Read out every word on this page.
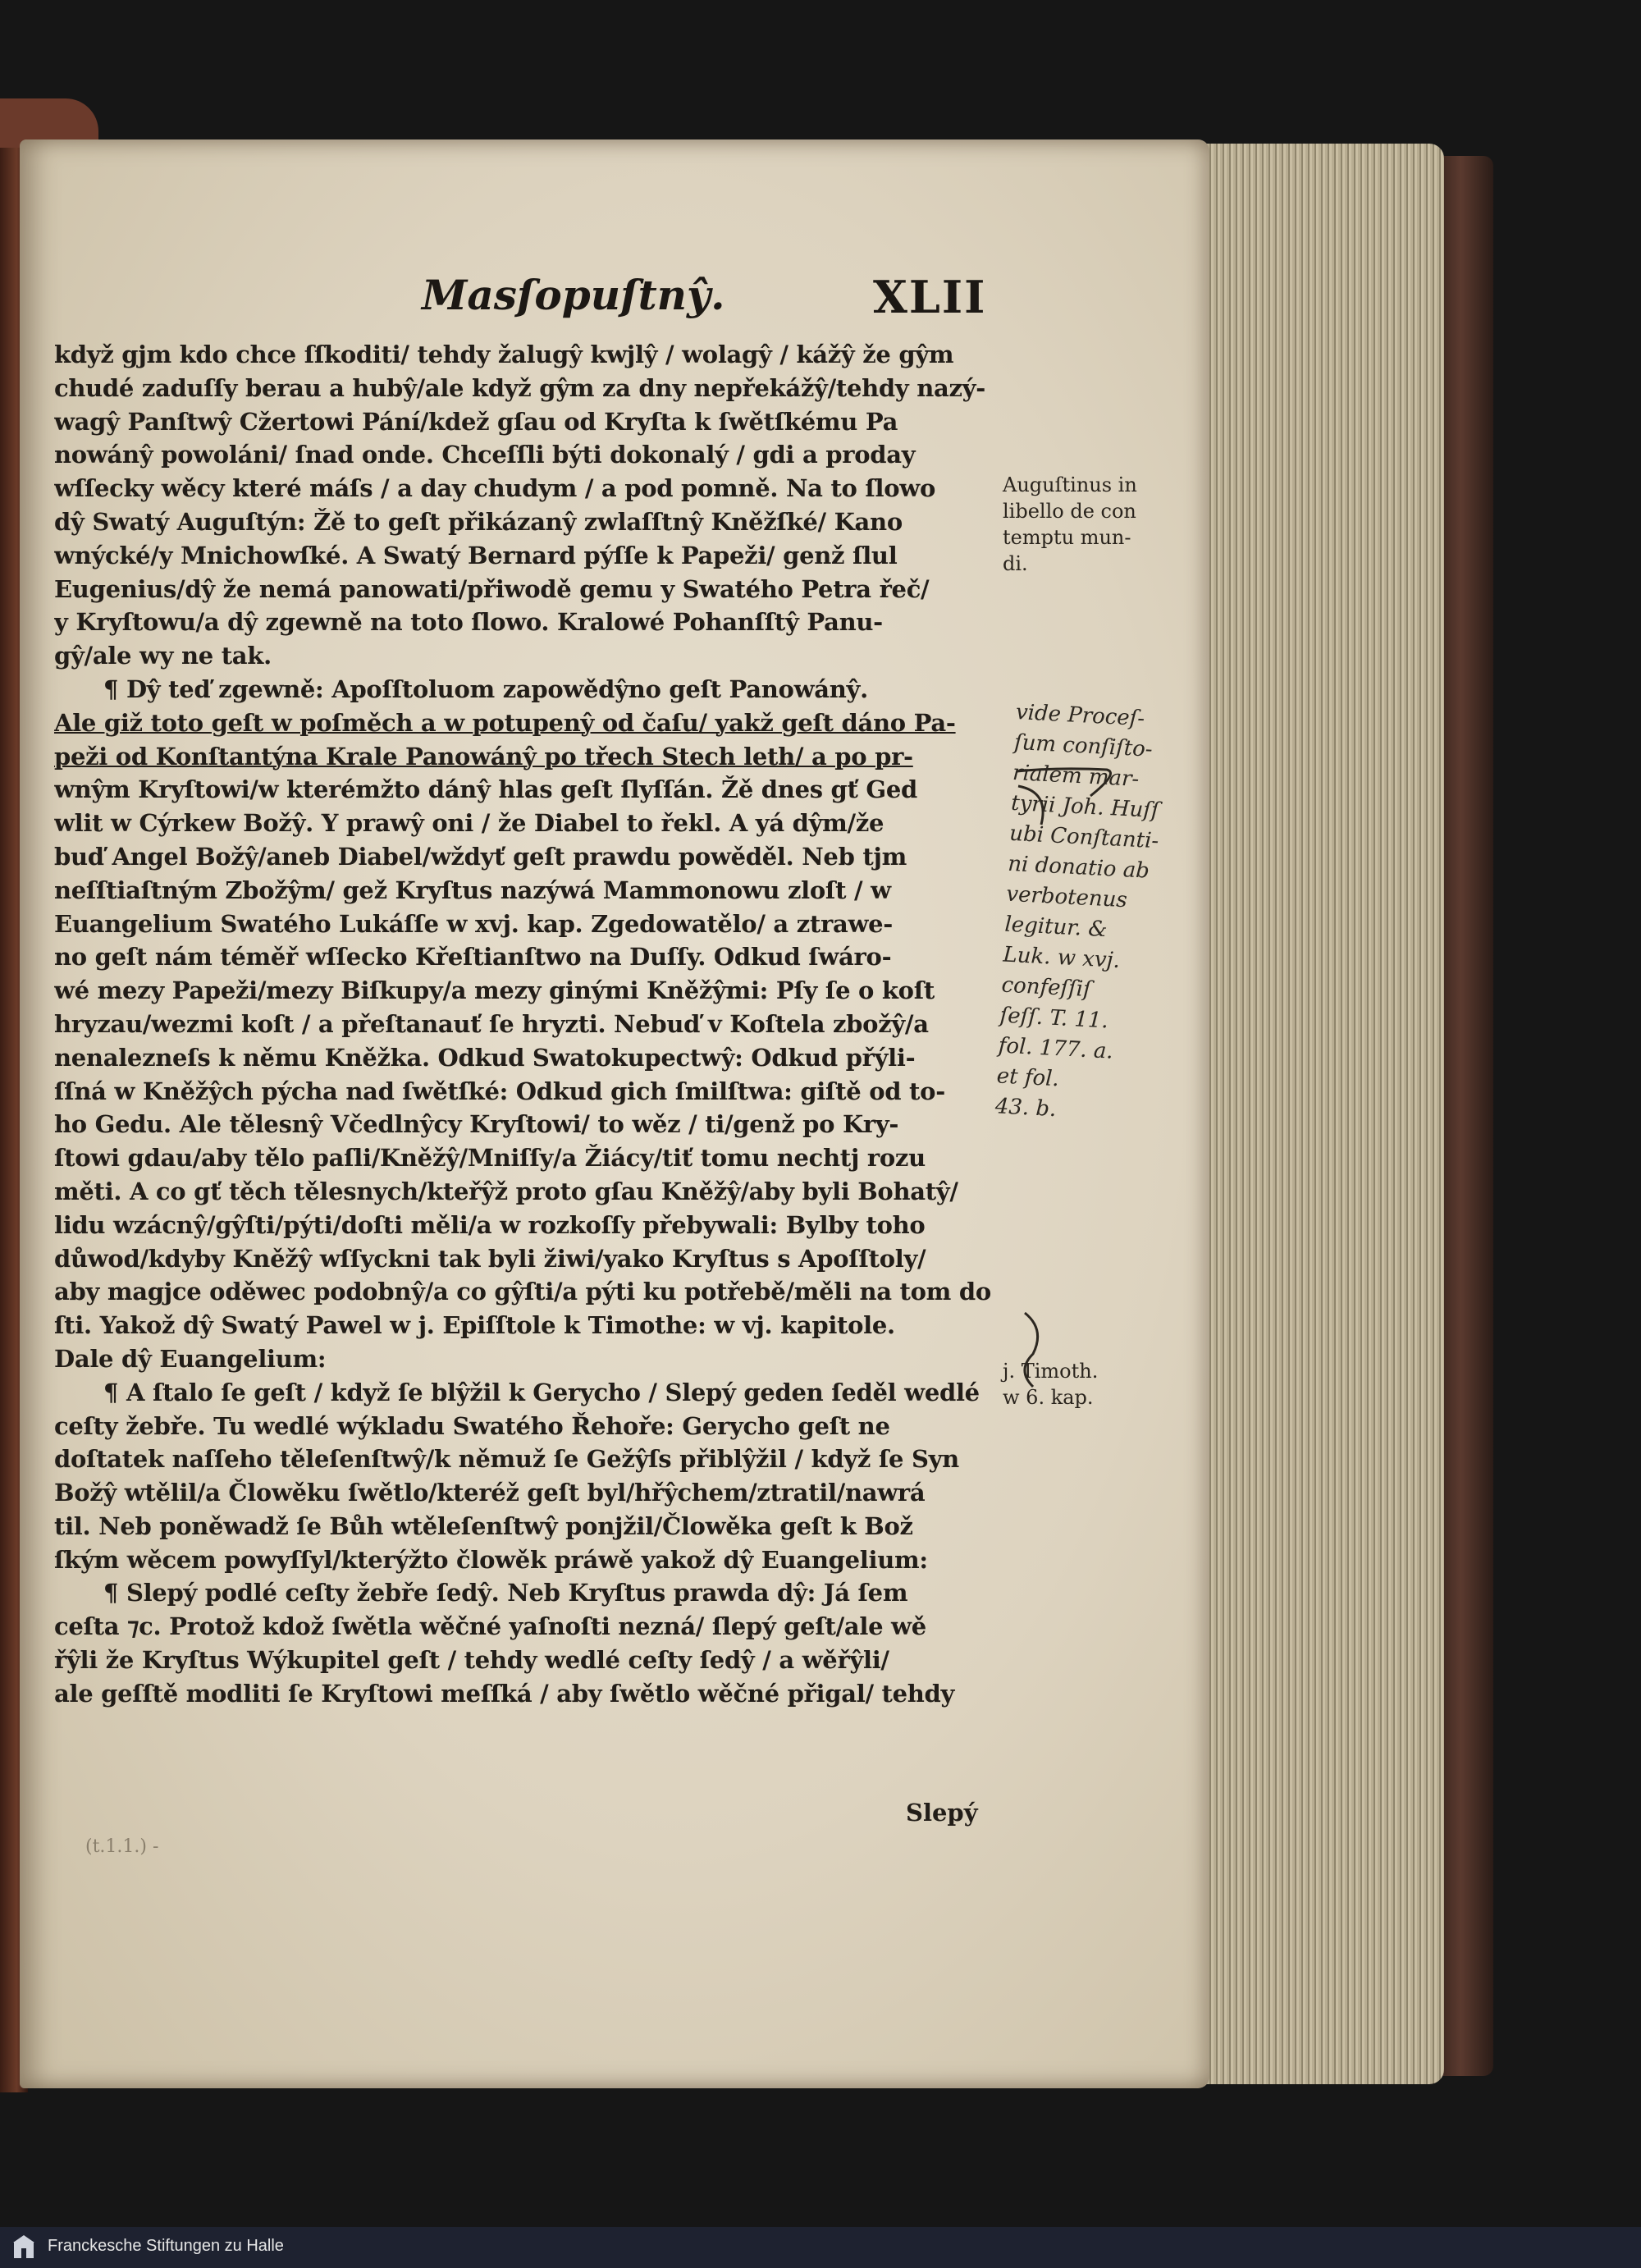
Masſopuſtnŷ.	XLII
když gjm kdo chce ſſkoditi/ tehdy žalugŷ kwjlŷ / wolagŷ / kážŷ že gŷm
chudé zaduſſy berau a hubŷ/ale když gŷm za dny nepřekážŷ/tehdy nazý-
wagŷ Panſtwŷ Cžertowi Pání/kdež gſau od Kryſta k ſwětſkému Pa
nowánŷ powoláni/ ſnad onde. Chceſſli býti dokonalý / gdi a proday
wſſecky wěcy které máſs / a day chudym / a pod pomně. Na to ſlowo
dŷ Swatý Auguſtýn: Žě to geſt přikázanŷ zwlaſſtnŷ Kněžſké/ Kano
wnýcké/y Mnichowſké. A Swatý Bernard pýſſe k Papeži/ genž ſlul
Eugenius/dŷ že nemá panowati/přiwodě gemu y Swatého Petra řeč/
y Kryſtowu/a dŷ zgewně na toto ſlowo. Kralowé Pohanſſtŷ Panu-
gŷ/ale wy ne tak.
¶ Dŷ teď zgewně: Apoſſtoluom zapowědŷno geſt Panowánŷ.
Ale giž toto geſt w poſměch a w potupenŷ od čaſu/ yakž geſt dáno Pa-
peži od Konſtantýna Krale Panowánŷ po třech Stech leth/ a po pr-
wnŷm Kryſtowi/w kterémžto dánŷ hlas geſt ſlyſſán. Žě dnes gť Ged
wlit w Cýrkew Božŷ. Y prawŷ oni / že Diabel to řekl. A yá dŷm/že
buď Angel Božŷ/aneb Diabel/wždyť geſt prawdu powěděl. Neb tjm
neſſtiaſtným Zbožŷm/ gež Kryſtus nazýwá Mammonowu zloſt / w
Euangelium Swatého Lukáſſe w xvj. kap. Zgedowatělo/ a ztrawe-
no geſt nám téměř wſſecko Křeſtianſtwo na Duſſy. Odkud ſwáro-
wé mezy Papeži/mezy Biſkupy/a mezy ginými Kněžŷmi: Pſy ſe o koſt
hryzau/wezmi koſt / a přeſtanauť ſe hryzti. Nebuď v Koſtela zbožŷ/a
nenalezneſs k němu Kněžka. Odkud Swatokupectwŷ: Odkud přýli-
ſſná w Kněžŷch pýcha nad ſwětſké: Odkud gich ſmilſtwa: giſtě od to-
ho Gedu. Ale tělesnŷ Včedlnŷcy Kryſtowi/ to wěz / ti/genž po Kry-
ſtowi gdau/aby tělo paſli/Kněžŷ/Mniſſy/a Žiácy/tiť tomu nechtj rozu
měti. A co gť těch tělesnych/kteřŷž proto gſau Kněžŷ/aby byli Bohatŷ/
lidu wzácnŷ/gŷſti/pýti/doſti měli/a w rozkoſſy přebywali: Bylby toho
důwod/kdyby Kněžŷ wſſyckni tak byli žiwi/yako Kryſtus s Apoſſtoly/
aby magjce oděwec podobnŷ/a co gŷſti/a pýti ku potřebě/měli na tom do
ſti. Yakož dŷ Swatý Pawel w j. Epiſſtole k Timothe: w vj. kapitole.
Dale dŷ Euangelium:
¶ A ſtalo ſe geſt / když ſe blŷžil k Gerycho / Slepý geden ſeděl wedlé
ceſty žebře. Tu wedlé wýkladu Swatého Řehoře: Gerycho geſt ne
doſtatek naſſeho těleſenſtwŷ/k němuž ſe Gežŷſs přiblŷžil / když ſe Syn
Božŷ wtělil/a Člowěku ſwětlo/kteréž geſt byl/hřŷchem/ztratil/nawrá
til. Neb poněwadž ſe Bůh wtěleſenſtwŷ ponjžil/Člowěka geſt k Bož
ſkým wěcem powyſſyl/kterýžto člowěk práwě yakož dŷ Euangelium:
¶ Slepý podlé ceſty žebře ſedŷ. Neb Kryſtus prawda dŷ: Já ſem
ceſta ⁊c. Protož kdož ſwětla wěčné yaſnoſti nezná/ ſlepý geſt/ale wě
řŷli že Kryſtus Wýkupitel geſt / tehdy wedlé ceſty ſedŷ / a wěřŷli/
ale geſſtě modliti ſe Kryſtowi meſſká / aby ſwětlo wěčné přigal/ tehdy
Slepý
(t.1.1.) -
Auguſtinus in
libello de con
temptu mun-
di.
j. Timoth.
w 6. kap.
vide Proceſ-
ſum conſiſto-
rialem mar-
tyrii Joh. Huſſ
ubi Conſtanti-
ni donatio ab
verbotenus
legitur. &
Luk. w xvj.
confeſſiſ
ſeſſ. T. 11.
fol. 177. a.
et fol.
43. b.
Franckesche Stiftungen zu Halle
